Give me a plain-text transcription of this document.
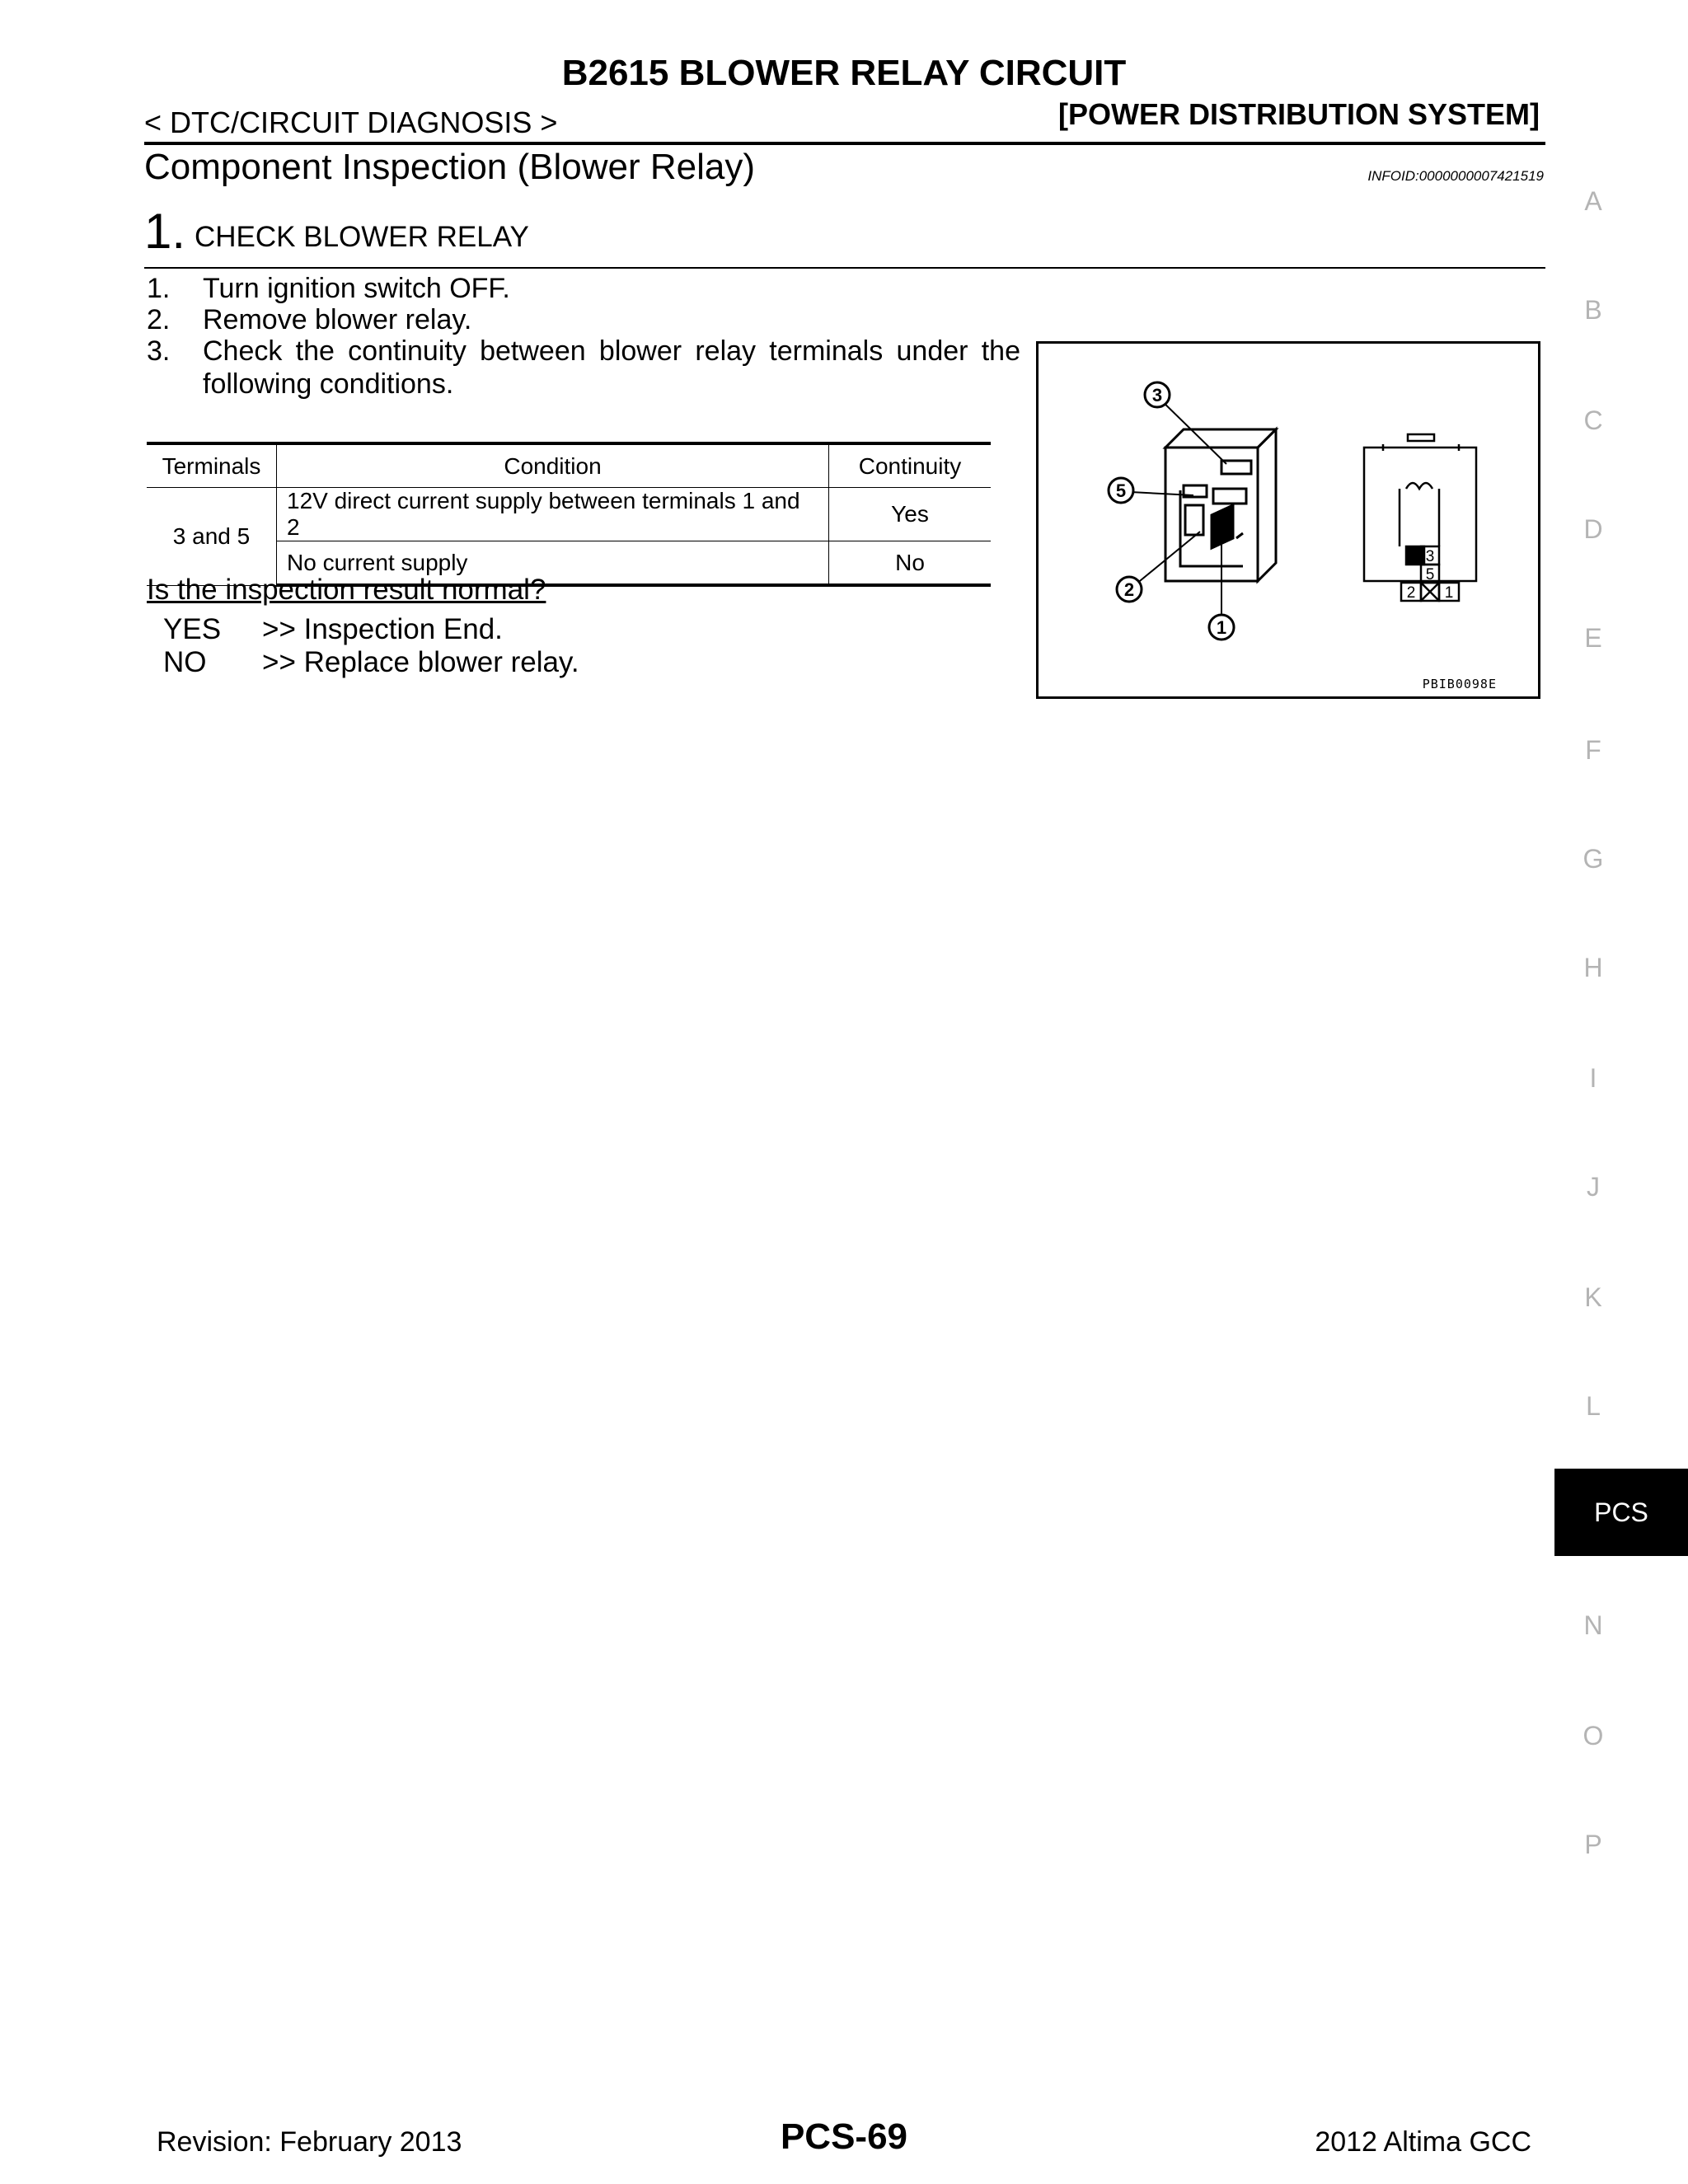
B2615 BLOWER RELAY CIRCUIT
< DTC/CIRCUIT DIAGNOSIS >	[POWER DISTRIBUTION SYSTEM]
Component Inspection (Blower Relay)	INFOID:0000000007421519
1. CHECK BLOWER RELAY
1. Turn ignition switch OFF.
2. Remove blower relay.
3. Check the continuity between blower relay terminals under the
following conditions.
Terminals	Condition	Continuity
3 and 5	12V direct current supply between terminals 1 and 2	Yes
	No current supply	No
Is the inspection result normal?
YES >> Inspection End.
NO >> Replace blower relay.
3
5
2
1
3
5
2 1
PBIB0098E
A
B
C
D
E
F
G
H
I
J
K
L
PCS
N
O
P
Revision: February 2013	PCS-69	2012 Altima GCC
